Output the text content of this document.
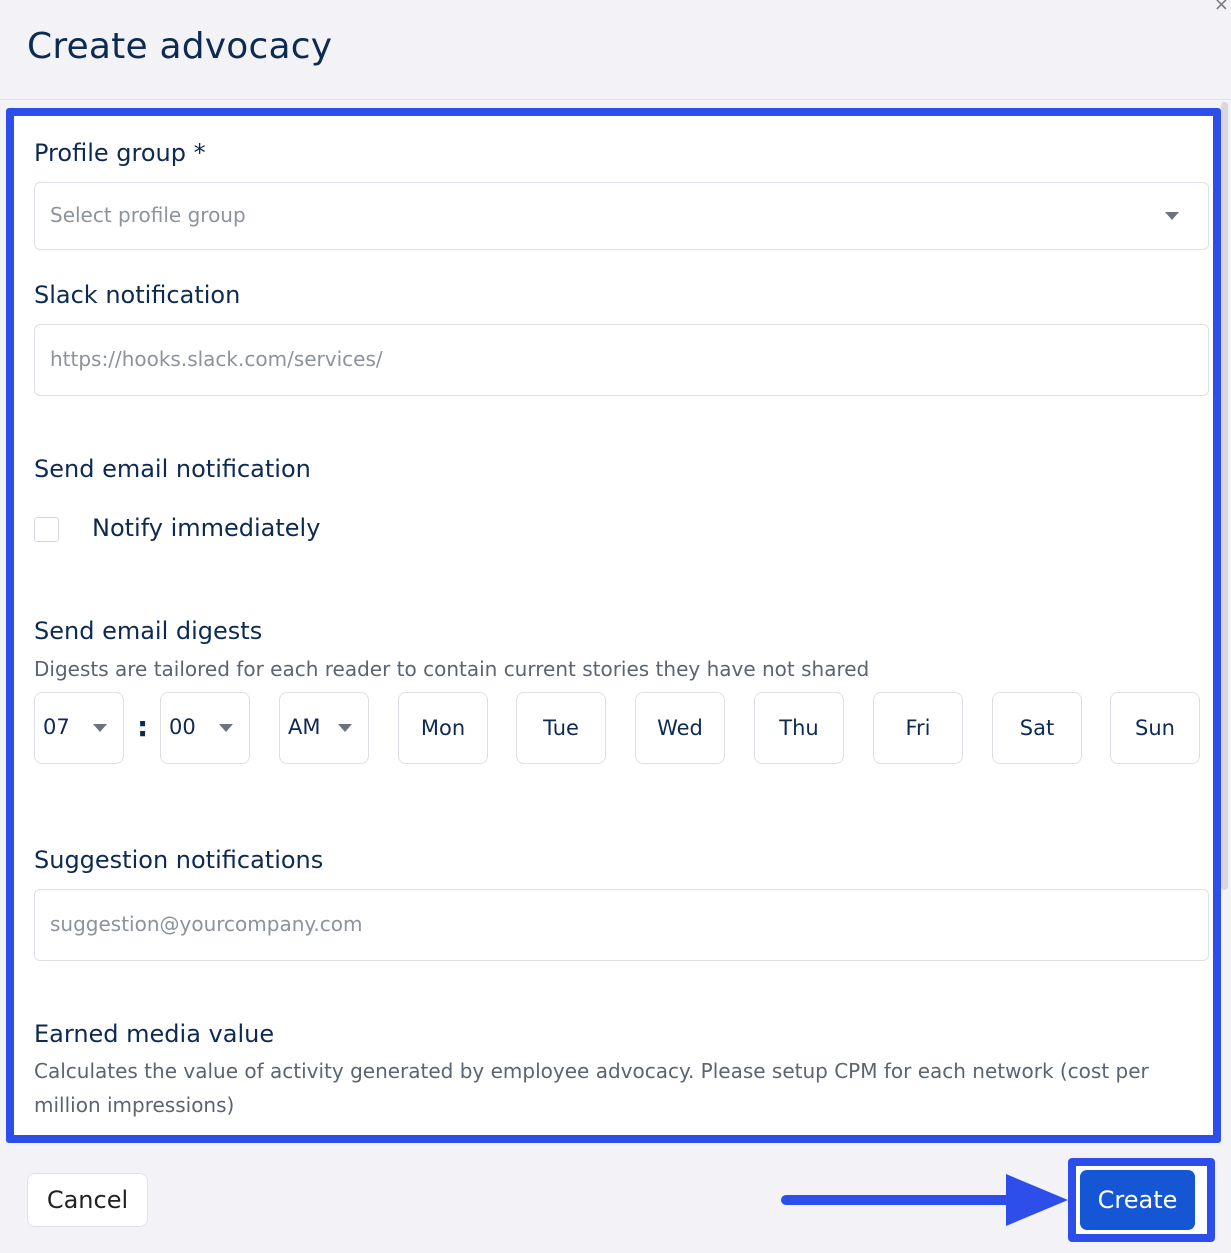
Create advocacy
×
Profile group *
Select profile group
Slack notification
https://hooks.slack.com/services/
Send email notification
Notify immediately
Send email digests
Digests are tailored for each reader to contain current stories they have not shared
07 : 00	AM	Mon	Tue	Wed	Thu	Fri	Sat	Sun
Suggestion notifications
suggestion@yourcompany.com
Earned media value
Calculates the value of activity generated by employee advocacy. Please setup CPM for each network (cost per million impressions)
Cancel	Create
